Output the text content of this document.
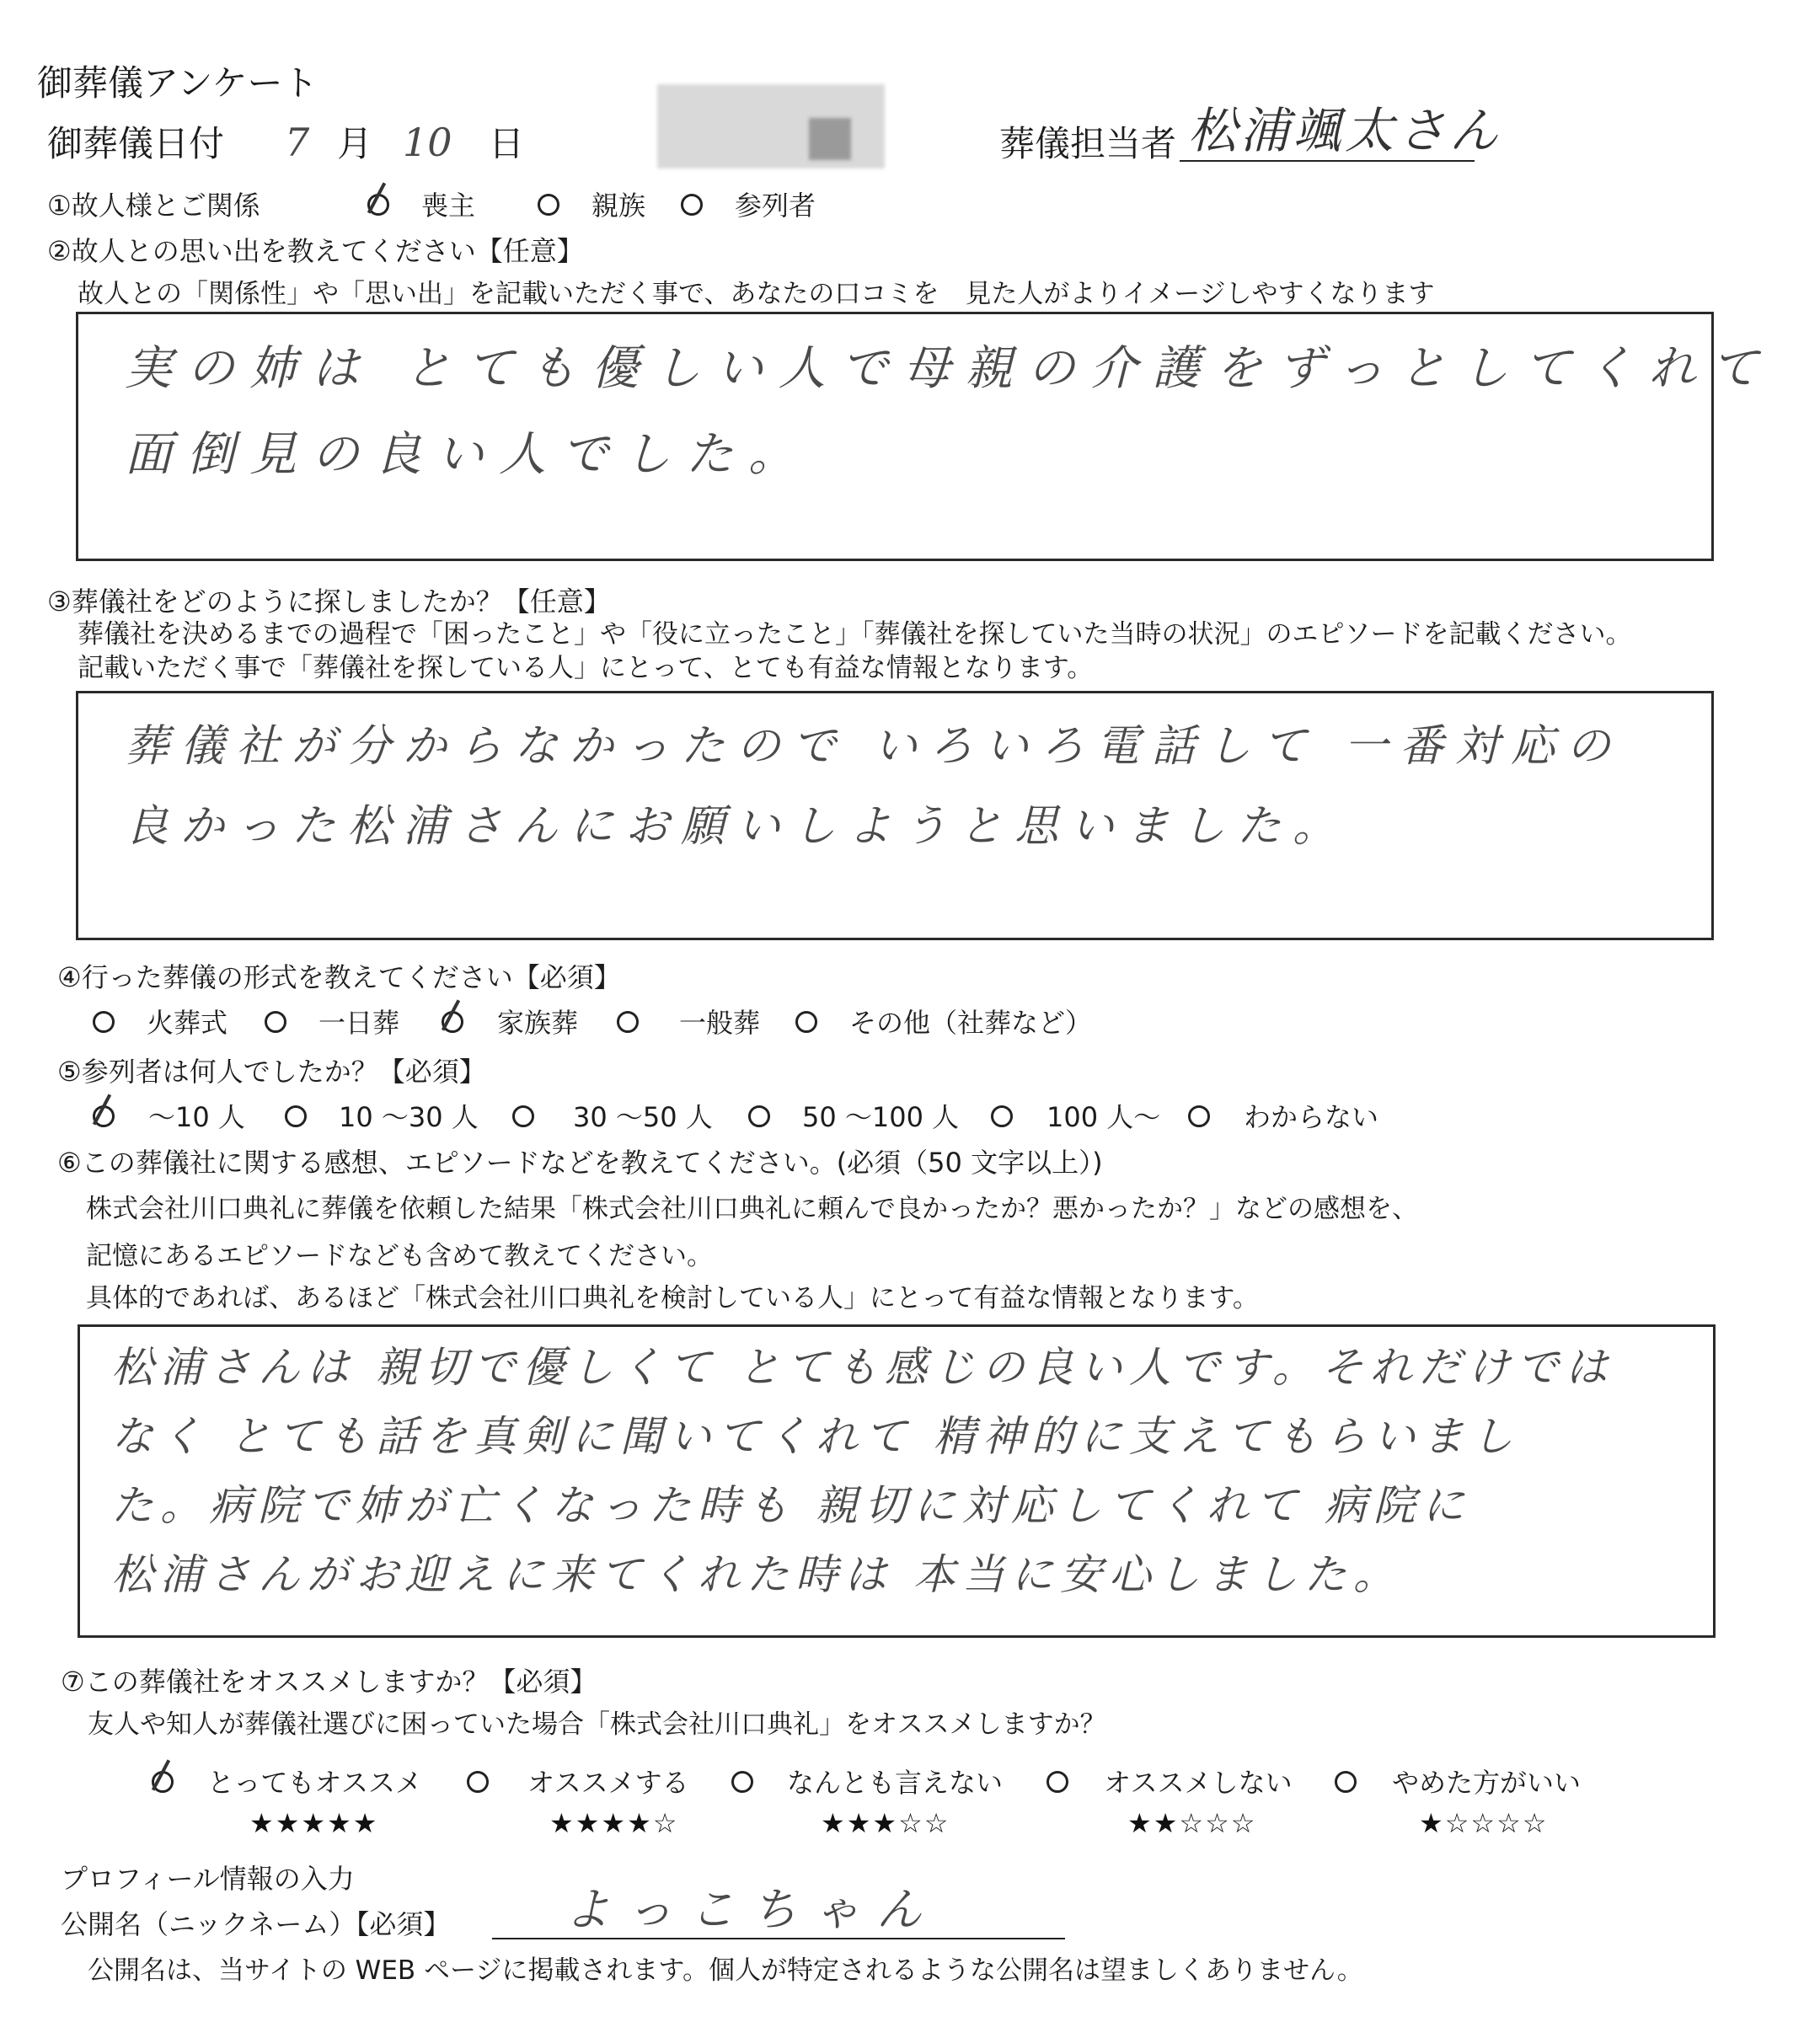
御葬儀アンケート
御葬儀日付 7 月 10 日	葬儀担当者 松浦颯太さん
①故人様とご関係	喪主	親族	参列者
②故人との思い出を教えてください【任意】
故人との「関係性」や「思い出」を記載いただく事で、あなたの口コミを　見た人がよりイメージしやすくなります
実の姉は とても優しい人で母親の介護をずっとしてくれて
面倒見の良い人でした。
③葬儀社をどのように探しましたか？【任意】
葬儀社を決めるまでの過程で「困ったこと」や「役に立ったこと」「葬儀社を探していた当時の状況」のエピソードを記載ください。
記載いただく事で「葬儀社を探している人」にとって、とても有益な情報となります。
葬儀社が分からなかったので いろいろ電話して 一番対応の
良かった松浦さんにお願いしようと思いました。
④行った葬儀の形式を教えてください【必須】
火葬式	一日葬	家族葬	一般葬	その他（社葬など）
⑤参列者は何人でしたか？【必須】
～10 人	10 ～30 人	30 ～50 人	50 ～100 人	100 人～	わからない
⑥この葬儀社に関する感想、エピソードなどを教えてください。(必須（50 文字以上）)
株式会社川口典礼に葬儀を依頼した結果「株式会社川口典礼に頼んで良かったか？悪かったか？」などの感想を、
記憶にあるエピソードなども含めて教えてください。
具体的であれば、あるほど「株式会社川口典礼を検討している人」にとって有益な情報となります。
松浦さんは 親切で優しくて とても感じの良い人です。それだけでは
なく とても話を真剣に聞いてくれて 精神的に支えてもらいまし
た。病院で姉が亡くなった時も 親切に対応してくれて 病院に
松浦さんがお迎えに来てくれた時は 本当に安心しました。
⑦この葬儀社をオススメしますか？【必須】
友人や知人が葬儀社選びに困っていた場合「株式会社川口典礼」をオススメしますか？
とってもオススメ
★★★★★
オススメする
★★★★☆
なんとも言えない
★★★☆☆
オススメしない
★★☆☆☆
やめた方がいい
★☆☆☆☆
プロフィール情報の入力
公開名（ニックネーム）【必須】	よっこちゃん
公開名は、当サイトの WEB ページに掲載されます。個人が特定されるような公開名は望ましくありません。
